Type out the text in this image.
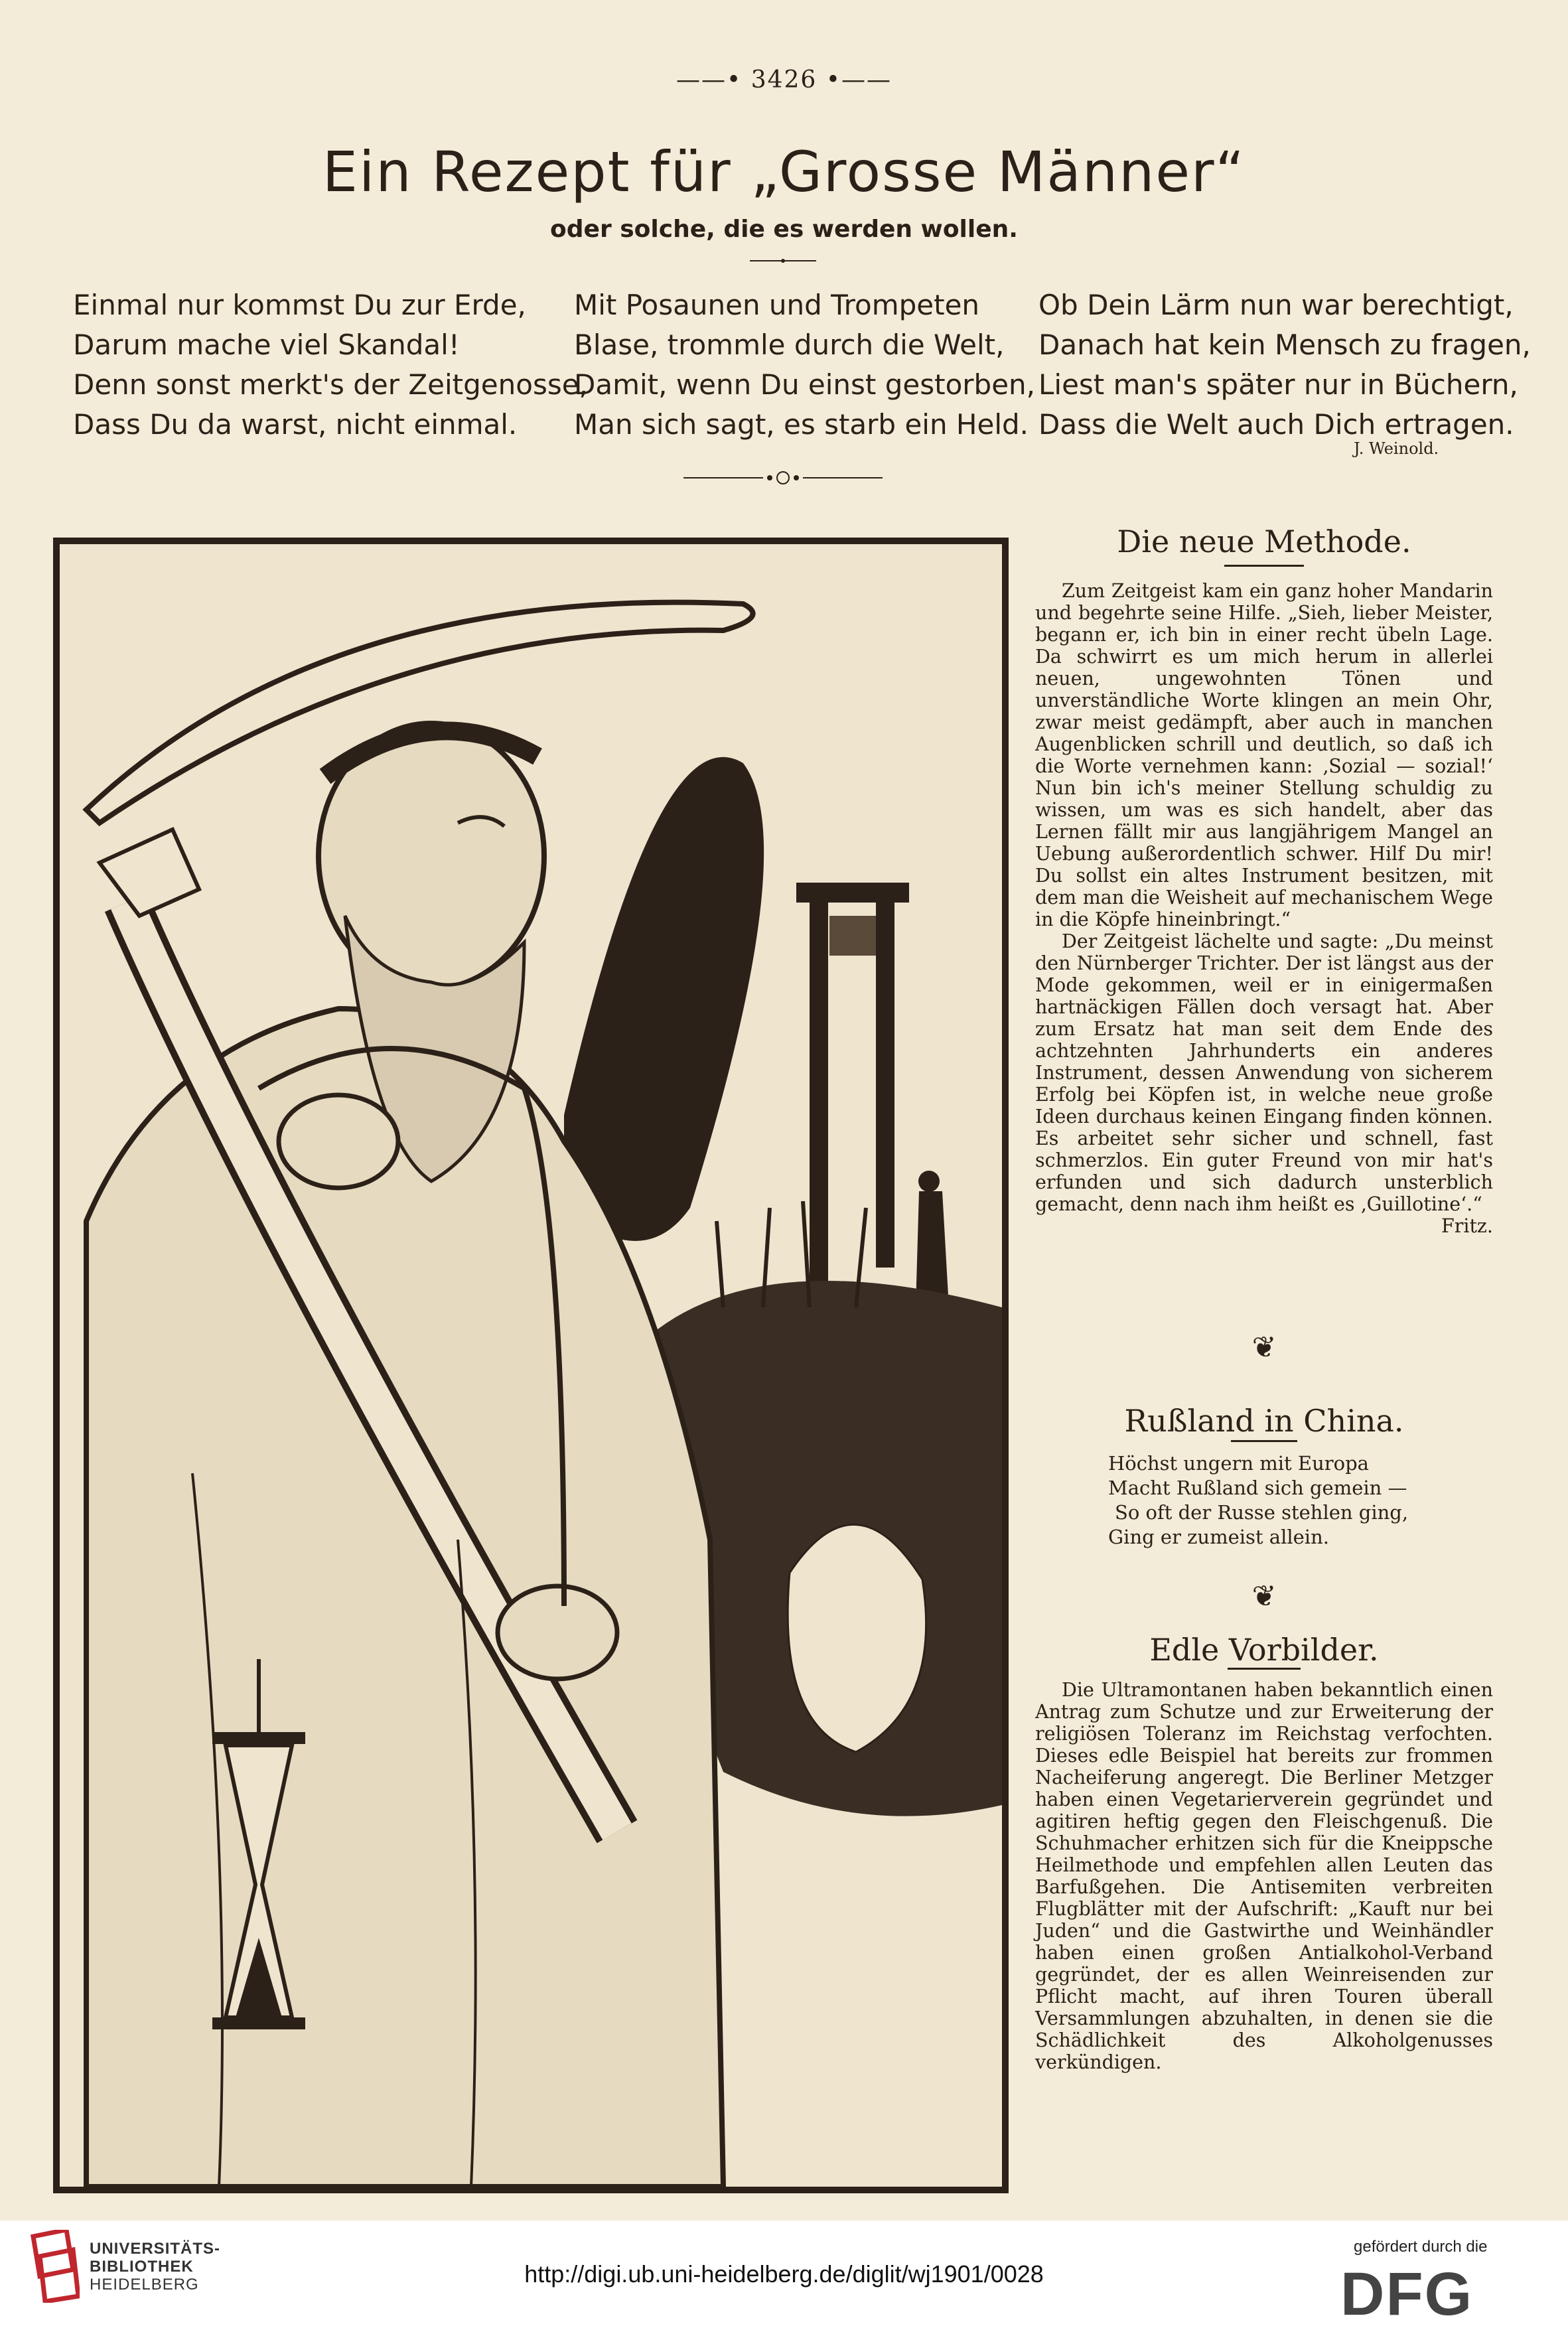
——• 3426 •——
Ein Rezept für „Grosse Männer“
oder solche, die es werden wollen.
Einmal nur kommst Du zur Erde,
Darum mache viel Skandal!
Denn sonst merkt's der Zeitgenosse,
Dass Du da warst, nicht einmal.
Mit Posaunen und Trompeten
Blase, trommle durch die Welt,
Damit, wenn Du einst gestorben,
Man sich sagt, es starb ein Held.
Ob Dein Lärm nun war berechtigt,
Danach hat kein Mensch zu fragen,
Liest man's später nur in Büchern,
Dass die Welt auch Dich ertragen.
J. Weinold.
Die neue Methode.

Zum Zeitgeist kam ein ganz hoher Mandarin und begehrte seine Hilfe. „Sieh, lieber Meister, begann er, ich bin in einer recht übeln Lage. Da schwirrt es um mich herum in allerlei neuen, ungewohnten Tönen und unverständliche Worte klingen an mein Ohr, zwar meist gedämpft, aber auch in manchen Augenblicken schrill und deutlich, so daß ich die Worte vernehmen kann: ‚Sozial — sozial!‘ Nun bin ich's meiner Stellung schuldig zu wissen, um was es sich handelt, aber das Lernen fällt mir aus langjährigem Mangel an Uebung außerordentlich schwer. Hilf Du mir! Du sollst ein altes Instrument besitzen, mit dem man die Weisheit auf mechanischem Wege in die Köpfe hineinbringt.“

Der Zeitgeist lächelte und sagte: „Du meinst den Nürnberger Trichter. Der ist längst aus der Mode gekommen, weil er in einigermaßen hartnäckigen Fällen doch versagt hat. Aber zum Ersatz hat man seit dem Ende des achtzehnten Jahrhunderts ein anderes Instrument, dessen Anwendung von sicherem Erfolg bei Köpfen ist, in welche neue große Ideen durchaus keinen Eingang finden können. Es arbeitet sehr sicher und schnell, fast schmerzlos. Ein guter Freund von mir hat's erfunden und sich dadurch unsterblich gemacht, denn nach ihm heißt es ‚Guillotine‘.“

Fritz.
❦
Rußland in China.
Höchst ungern mit Europa
Macht Rußland sich gemein —
So oft der Russe stehlen ging,
Ging er zumeist allein.
❦
Edle Vorbilder.

Die Ultramontanen haben bekanntlich einen Antrag zum Schutze und zur Erweiterung der religiösen Toleranz im Reichstag verfochten. Dieses edle Beispiel hat bereits zur frommen Nacheiferung angeregt. Die Berliner Metzger haben einen Vegetarierverein gegründet und agitiren heftig gegen den Fleischgenuß. Die Schuhmacher erhitzen sich für die Kneippsche Heilmethode und empfehlen allen Leuten das Barfußgehen. Die Antisemiten verbreiten Flugblätter mit der Aufschrift: „Kauft nur bei Juden“ und die Gastwirthe und Weinhändler haben einen großen Antialkohol-Verband gegründet, der es allen Weinreisenden zur Pflicht macht, auf ihren Touren überall Versammlungen abzuhalten, in denen sie die Schädlichkeit des Alkoholgenusses verkündigen.

UNIVERSITÄTS-
BIBLIOTHEK
HEIDELBERG	http://digi.ub.uni-heidelberg.de/diglit/wj1901/0028
gefördert durch die
DFG
